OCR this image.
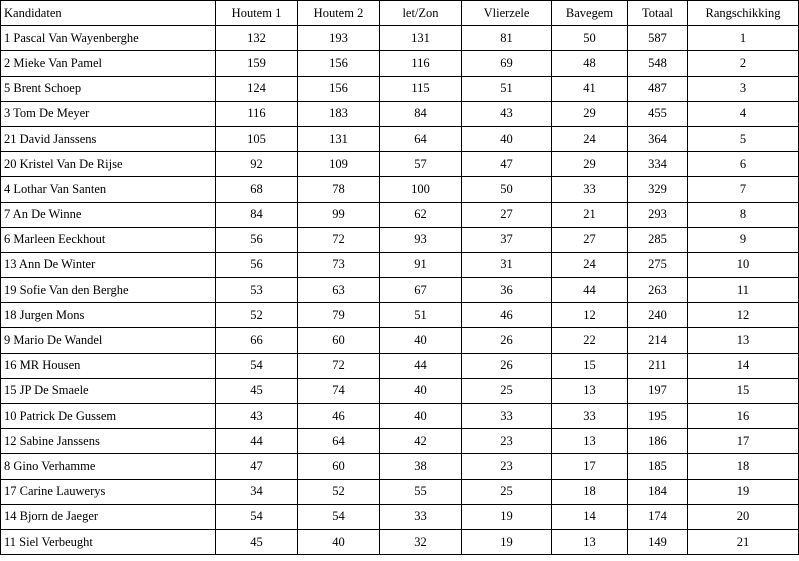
Kandidaten	Houtem 1	Houtem 2	let/Zon	Vlierzele	Bavegem	Totaal	Rangschikking
1 Pascal Van Wayenberghe	132	193	131	81	50	587	1
2 Mieke Van Pamel	159	156	116	69	48	548	2
5 Brent Schoep	124	156	115	51	41	487	3
3 Tom De Meyer	116	183	84	43	29	455	4
21 David Janssens	105	131	64	40	24	364	5
20 Kristel Van De Rijse	92	109	57	47	29	334	6
4 Lothar Van Santen	68	78	100	50	33	329	7
7 An De Winne	84	99	62	27	21	293	8
6 Marleen Eeckhout	56	72	93	37	27	285	9
13 Ann De Winter	56	73	91	31	24	275	10
19 Sofie Van den Berghe	53	63	67	36	44	263	11
18 Jurgen Mons	52	79	51	46	12	240	12
9 Mario De Wandel	66	60	40	26	22	214	13
16 MR Housen	54	72	44	26	15	211	14
15 JP De Smaele	45	74	40	25	13	197	15
10 Patrick De Gussem	43	46	40	33	33	195	16
12 Sabine Janssens	44	64	42	23	13	186	17
8 Gino Verhamme	47	60	38	23	17	185	18
17 Carine Lauwerys	34	52	55	25	18	184	19
14 Bjorn de Jaeger	54	54	33	19	14	174	20
11 Siel Verbeught	45	40	32	19	13	149	21
